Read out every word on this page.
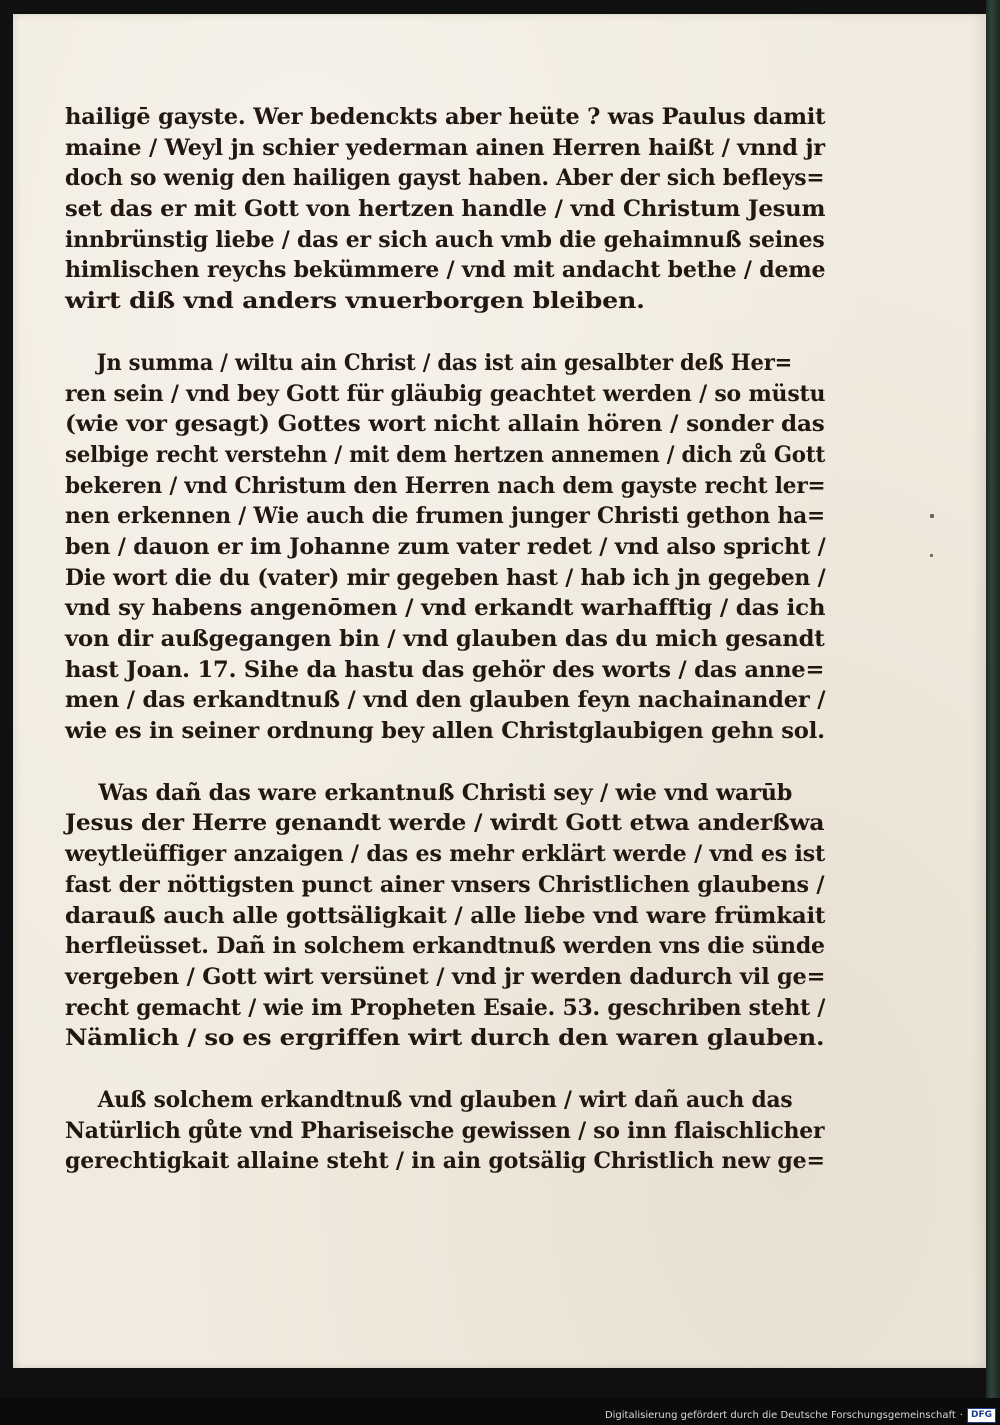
hailigē gayste. Wer bedenckts aber heüte ? was Paulus damit
maine / Weyl jn schier yederman ainen Herren haißt / vnnd jr
doch so wenig den hailigen gayst haben. Aber der sich befleys=
set das er mit Gott von hertzen handle / vnd Christum Jesum
innbrünstig liebe / das er sich auch vmb die gehaimnuß seines
himlischen reychs bekümmere / vnd mit andacht bethe / deme
wirt diß vnd anders vnuerborgen bleiben.
Jn summa / wiltu ain Christ / das ist ain gesalbter deß Her=
ren sein / vnd bey Gott für gläubig geachtet werden / so müstu
(wie vor gesagt) Gottes wort nicht allain hören / sonder das
selbige recht verstehn / mit dem hertzen annemen / dich zů Gott
bekeren / vnd Christum den Herren nach dem gayste recht ler=
nen erkennen / Wie auch die frumen junger Christi gethon ha=
ben / dauon er im Johanne zum vater redet / vnd also spricht /
Die wort die du (vater) mir gegeben hast / hab ich jn gegeben /
vnd sy habens angenōmen / vnd erkandt warhafftig / das ich
von dir außgegangen bin / vnd glauben das du mich gesandt
hast Joan. 17. Sihe da hastu das gehör des worts / das anne=
men / das erkandtnuß / vnd den glauben feyn nachainander /
wie es in seiner ordnung bey allen Christglaubigen gehn sol.
Was dañ das ware erkantnuß Christi sey / wie vnd warūb
Jesus der Herre genandt werde / wirdt Gott etwa anderßwa
weytleüffiger anzaigen / das es mehr erklärt werde / vnd es ist
fast der nöttigsten punct ainer vnsers Christlichen glaubens /
darauß auch alle gottsäligkait / alle liebe vnd ware frümkait
herfleüsset. Dañ in solchem erkandtnuß werden vns die sünde
vergeben / Gott wirt versünet / vnd jr werden dadurch vil ge=
recht gemacht / wie im Propheten Esaie. 53. geschriben steht /
Nämlich / so es ergriffen wirt durch den waren glauben.
Auß solchem erkandtnuß vnd glauben / wirt dañ auch das
Natürlich gůte vnd Phariseische gewissen / so inn flaischlicher
gerechtigkait allaine steht / in ain gotsälig Christlich new ge=
Digitalisierung gefördert durch die Deutsche Forschungsgemeinschaft · DFG
